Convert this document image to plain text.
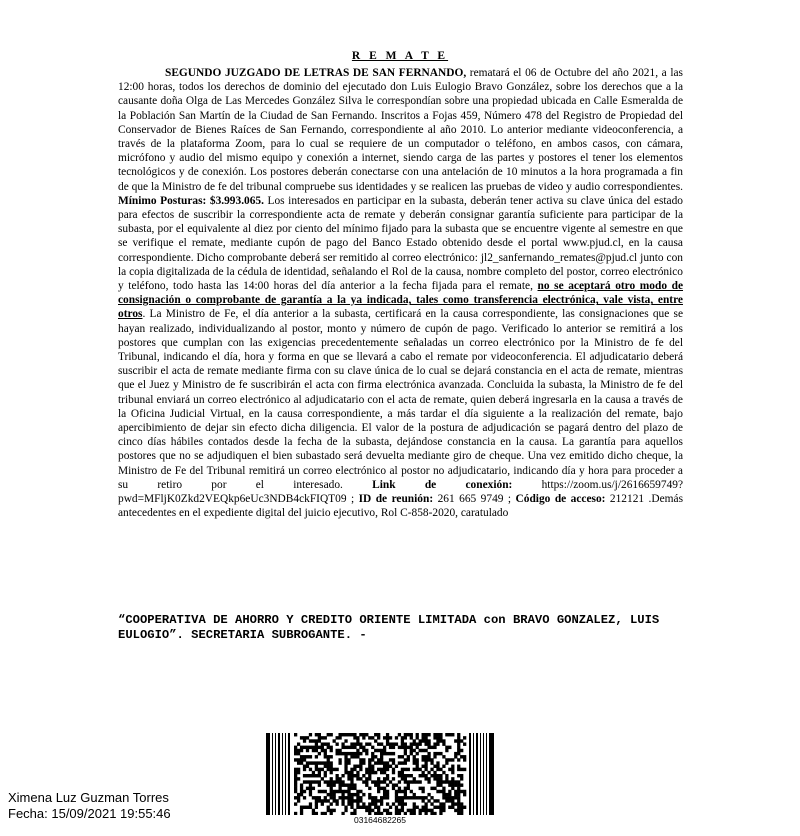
R E M A T E

SEGUNDO JUZGADO DE LETRAS DE SAN FERNANDO, rematará el 06 de Octubre del año 2021, a las 12:00 horas, todos los derechos de dominio del ejecutado don Luis Eulogio Bravo González, sobre los derechos que a la causante doña Olga de Las Mercedes González Silva le correspondían sobre una propiedad ubicada en Calle Esmeralda de la Población San Martín de la Ciudad de San Fernando. Inscritos a Fojas 459, Número 478 del Registro de Propiedad del Conservador de Bienes Raíces de San Fernando, correspondiente al año 2010. Lo anterior mediante videoconferencia, a través de la plataforma Zoom, para lo cual se requiere de un computador o teléfono, en ambos casos, con cámara, micrófono y audio del mismo equipo y conexión a internet, siendo carga de las partes y postores el tener los elementos tecnológicos y de conexión. Los postores deberán conectarse con una antelación de 10 minutos a la hora programada a fin de que la Ministro de fe del tribunal compruebe sus identidades y se realicen las pruebas de video y audio correspondientes. Mínimo Posturas: $3.993.065. Los interesados en participar en la subasta, deberán tener activa su clave única del estado para efectos de suscribir la correspondiente acta de remate y deberán consignar garantía suficiente para participar de la subasta, por el equivalente al diez por ciento del mínimo fijado para la subasta que se encuentre vigente al semestre en que se verifique el remate, mediante cupón de pago del Banco Estado obtenido desde el portal www.pjud.cl, en la causa correspondiente. Dicho comprobante deberá ser remitido al correo electrónico: jl2_sanfernando_remates@pjud.cl junto con la copia digitalizada de la cédula de identidad, señalando el Rol de la causa, nombre completo del postor, correo electrónico y teléfono, todo hasta las 14:00 horas del día anterior a la fecha fijada para el remate, no se aceptará otro modo de consignación o comprobante de garantía a la ya indicada, tales como transferencia electrónica, vale vista, entre otros. La Ministro de Fe, el día anterior a la subasta, certificará en la causa correspondiente, las consignaciones que se hayan realizado, individualizando al postor, monto y número de cupón de pago. Verificado lo anterior se remitirá a los postores que cumplan con las exigencias precedentemente señaladas un correo electrónico por la Ministro de fe del Tribunal, indicando el día, hora y forma en que se llevará a cabo el remate por videoconferencia. El adjudicatario deberá suscribir el acta de remate mediante firma con su clave única de lo cual se dejará constancia en el acta de remate, mientras que el Juez y Ministro de fe suscribirán el acta con firma electrónica avanzada. Concluida la subasta, la Ministro de fe del tribunal enviará un correo electrónico al adjudicatario con el acta de remate, quien deberá ingresarla en la causa a través de la Oficina Judicial Virtual, en la causa correspondiente, a más tardar el día siguiente a la realización del remate, bajo apercibimiento de dejar sin efecto dicha diligencia. El valor de la postura de adjudicación se pagará dentro del plazo de cinco días hábiles contados desde la fecha de la subasta, dejándose constancia en la causa. La garantía para aquellos postores que no se adjudiquen el bien subastado será devuelta mediante giro de cheque. Una vez emitido dicho cheque, la Ministro de Fe del Tribunal remitirá un correo electrónico al postor no adjudicatario, indicando día y hora para proceder a su retiro por el interesado. Link de conexión: https://zoom.us/j/2616659749?pwd=MFljK0Zkd2VEQkp6eUc3NDB4ckFIQT09 ; ID de reunión: 261 665 9749 ; Código de acceso: 212121 .Demás antecedentes en el expediente digital del juicio ejecutivo, Rol C-858-2020, caratulado

“COOPERATIVA DE AHORRO Y CREDITO ORIENTE LIMITADA con BRAVO GONZALEZ, LUIS EULOGIO”. SECRETARIA SUBROGANTE. -

Ximena Luz Guzman Torres
Fecha: 15/09/2021 19:55:46	03164682265
